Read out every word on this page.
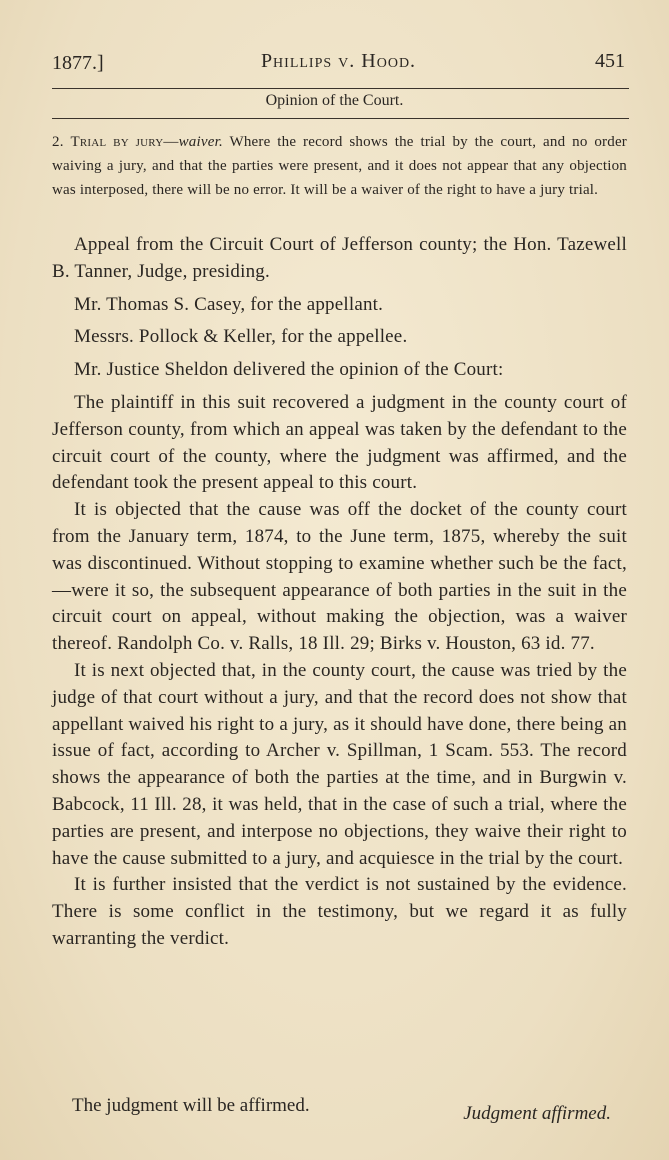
1877.]	Phillips v. Hood.	451
Opinion of the Court.
2. Trial by jury—waiver. Where the record shows the trial by the court, and no order waiving a jury, and that the parties were present, and it does not appear that any objection was interposed, there will be no error. It will be a waiver of the right to have a jury trial.

Appeal from the Circuit Court of Jefferson county; the Hon. Tazewell B. Tanner, Judge, presiding.

Mr. Thomas S. Casey, for the appellant.

Messrs. Pollock & Keller, for the appellee.

Mr. Justice Sheldon delivered the opinion of the Court:

The plaintiff in this suit recovered a judgment in the county court of Jefferson county, from which an appeal was taken by the defendant to the circuit court of the county, where the judgment was affirmed, and the defendant took the present appeal to this court.

It is objected that the cause was off the docket of the county court from the January term, 1874, to the June term, 1875, whereby the suit was discontinued. Without stopping to examine whether such be the fact,—were it so, the subsequent appearance of both parties in the suit in the circuit court on appeal, without making the objection, was a waiver thereof. Randolph Co. v. Ralls, 18 Ill. 29; Birks v. Houston, 63 id. 77.

It is next objected that, in the county court, the cause was tried by the judge of that court without a jury, and that the record does not show that appellant waived his right to a jury, as it should have done, there being an issue of fact, according to Archer v. Spillman, 1 Scam. 553. The record shows the appearance of both the parties at the time, and in Burgwin v. Babcock, 11 Ill. 28, it was held, that in the case of such a trial, where the parties are present, and interpose no objections, they waive their right to have the cause submitted to a jury, and acquiesce in the trial by the court.

It is further insisted that the verdict is not sustained by the evidence. There is some conflict in the testimony, but we regard it as fully warranting the verdict.

The judgment will be affirmed.	Judgment affirmed.
